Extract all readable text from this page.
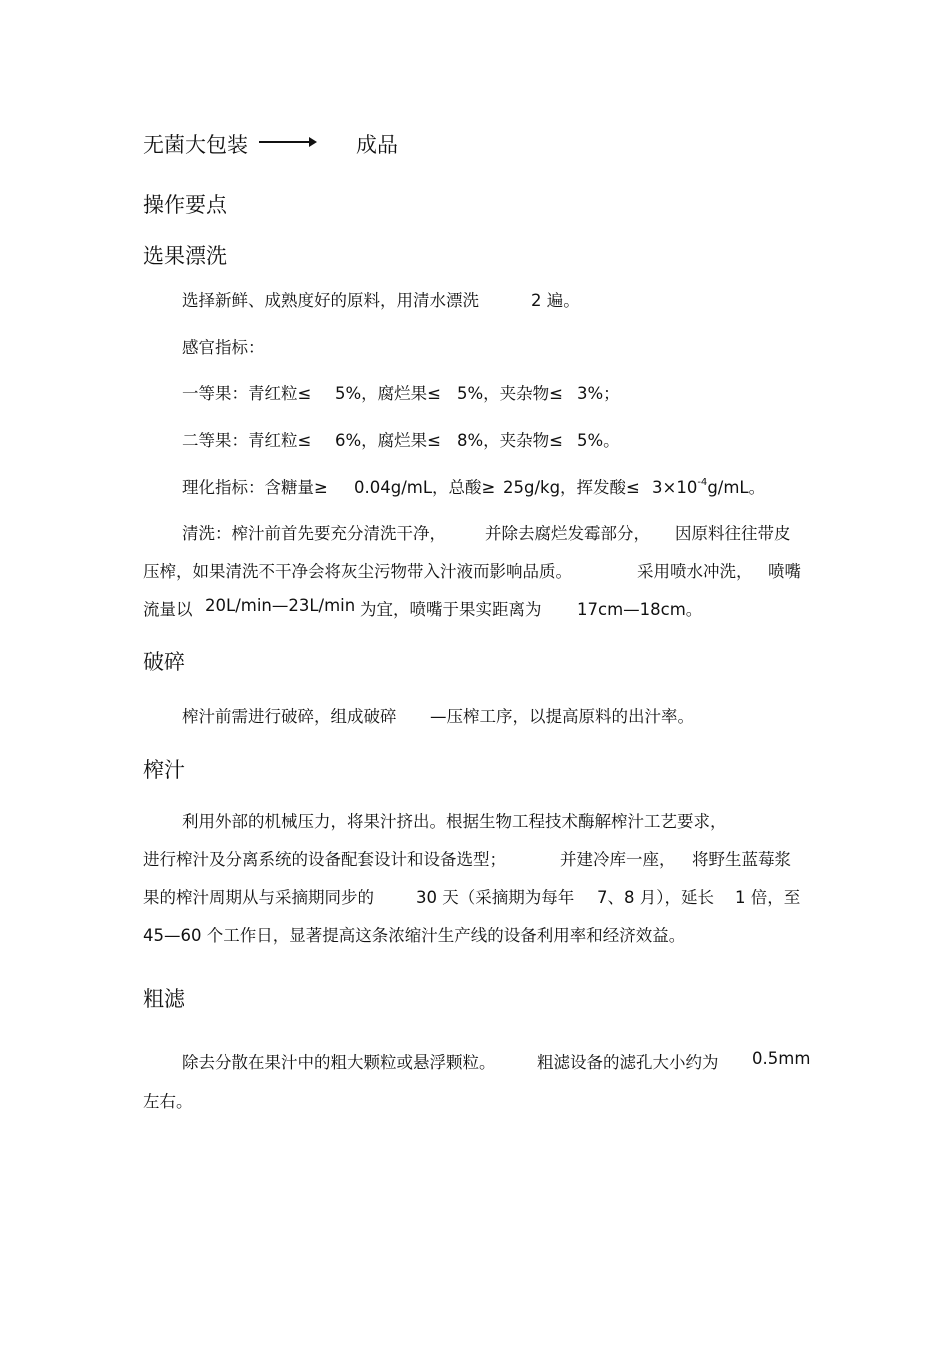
无菌大包装	成品
操作要点
选果漂洗
选择新鲜、成熟度好的原料，用清水漂洗	2 遍。
感官指标：
一等果：青红粒≤ 5%，腐烂果≤ 5%，夹杂物≤ 3%；
二等果：青红粒≤ 6%，腐烂果≤ 8%，夹杂物≤ 5%。
理化指标：含糖量≥ 0.04g/mL，总酸≥ 25g/kg，挥发酸≤ $3\times 10^{-4}g/mL$。
清洗：榨汁前首先要充分清洗干净， 并除去腐烂发霉部分， 因原料往往带皮
压榨，如果清洗不干净会将灰尘污物带入汁液而影响品质。	采用喷水冲洗， 喷嘴
流量以 20L/min—23L/min 为宜，喷嘴于果实距离为 17cm—18cm。
破碎
榨汁前需进行破碎，组成破碎 —压榨工序，以提高原料的出汁率。
榨汁
利用外部的机械压力，将果汁挤出。根据生物工程技术酶解榨汁工艺要求，
进行榨汁及分离系统的设备配套设计和设备选型；	并建冷库一座， 将野生蓝莓浆
果的榨汁周期从与采摘期同步的	30 天（采摘期为每年 7、8 月），延长 1 倍，至
45—60 个工作日，显著提高这条浓缩汁生产线的设备利用率和经济效益。
粗滤
除去分散在果汁中的粗大颗粒或悬浮颗粒。	粗滤设备的滤孔大小约为 0.5mm
左右。
